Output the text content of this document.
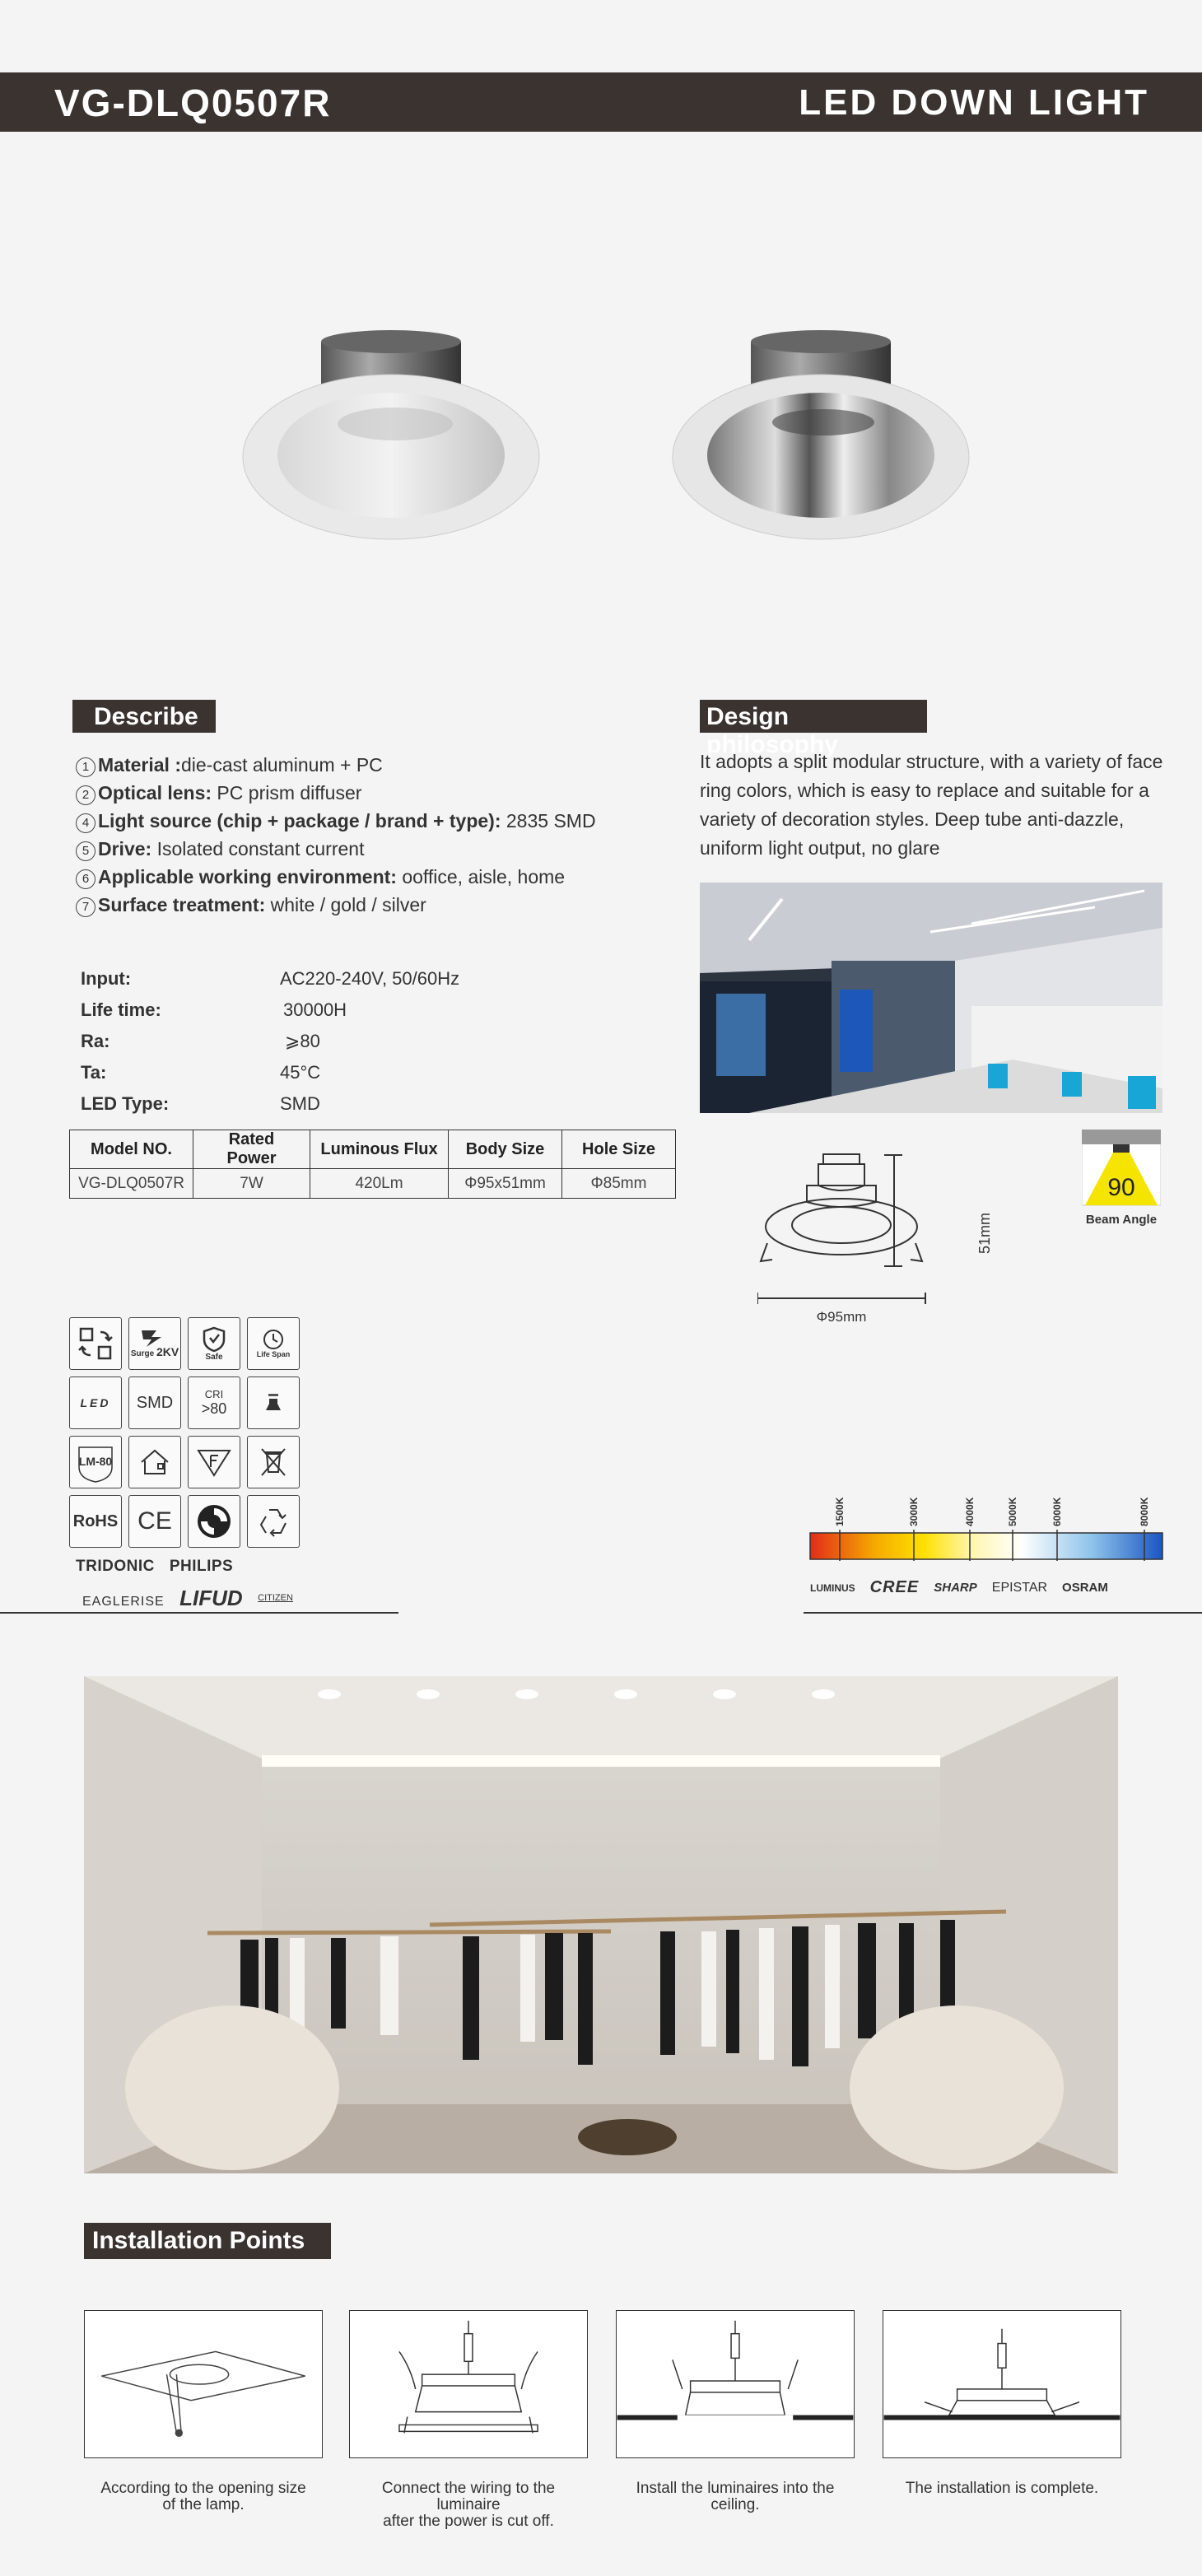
VG-DLQ0507R	LED DOWN LIGHT
Describe
1 Material :die-cast aluminum + PC
2 Optical lens: PC prism diffuser
4 Light source (chip + package / brand + type): 2835 SMD
5 Drive: Isolated constant current
6 Applicable working environment: ooffice, aisle, home
7 Surface treatment: white / gold / silver
Input:	AC220-240V, 50/60Hz
Life time:	30000H
Ra:	⩾80
Ta:	45°C
LED Type:	SMD
Model NO.	Rated Power	Luminous Flux	Body Size	Hole Size
VG-DLQ0507R	7W	420Lm	Φ95x51mm	Φ85mm
Design philosophy
It adopts a split modular structure, with a variety of face ring colors, which is easy to replace and suitable for a variety of decoration styles. Deep tube anti-dazzle, uniform light output, no glare
Φ95mm
51mm
90
Beam Angle
Surge 2KV	Safe	Life Span
LED	SMD	CRI
>80
LM-80
RoHS CE
TRIDONIC PHILIPS
EAGLERISE LIFUD $^{CITIZEN}$
1500K	3000K	4000K	5000K	6000K	8000K
LUMINUS CREE SHARP EPISTAR OSRAM
Installation Points
According to the opening size
of the lamp.
Connect the wiring to the luminaire
after the power is cut off.
Install the luminaires into the
ceiling.
The installation is complete.
